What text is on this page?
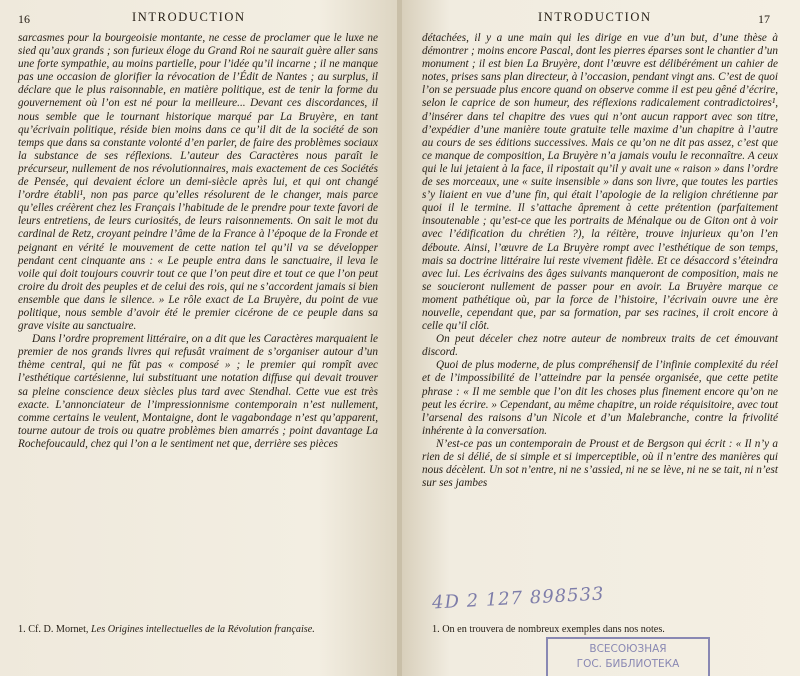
16	INTRODUCTION

sarcasmes pour la bourgeoisie montante, ne cesse de proclamer que le luxe ne sied qu’aux grands ; son furieux éloge du Grand Roi ne saurait guère aller sans une forte sympathie, au moins partielle, pour l’idée qu’il incarne ; il ne manque pas une occasion de glorifier la révocation de l’Édit de Nantes ; au surplus, il déclare que le plus raisonnable, en matière politique, est de tenir la forme du gouvernement où l’on est né pour la meilleure... Devant ces discordances, il nous semble que le tournant historique marqué par La Bruyère, en tant qu’écrivain politique, réside bien moins dans ce qu’il dit de la société de son temps que dans sa constante volonté d’en parler, de faire des problèmes sociaux la substance de ses réflexions. L’auteur des Caractères nous paraît le précurseur, nullement de nos révolutionnaires, mais exactement de ces Sociétés de Pensée, qui devaient éclore un demi-siècle après lui, et qui ont changé l’ordre établi¹, non pas parce qu’elles résolurent de le changer, mais parce qu’elles créèrent chez les Français l’habitude de le prendre pour texte favori de leurs entretiens, de leurs curiosités, de leurs raisonnements. On sait le mot du cardinal de Retz, croyant peindre l’âme de la France à l’époque de la Fronde et peignant en vérité le mouvement de cette nation tel qu’il va se développer pendant cent cinquante ans : « Le peuple entra dans le sanctuaire, il leva le voile qui doit toujours couvrir tout ce que l’on peut dire et tout ce que l’on peut croire du droit des peuples et de celui des rois, qui ne s’accordent jamais si bien ensemble que dans le silence. » Le rôle exact de La Bruyère, du point de vue politique, nous semble d’avoir été le premier cicérone de ce peuple dans sa grave visite au sanctuaire.

Dans l’ordre proprement littéraire, on a dit que les Caractères marquaient le premier de nos grands livres qui refusât vraiment de s’organiser autour d’un thème central, qui ne fût pas « composé » ; le premier qui rompît avec l’esthétique cartésienne, lui substituant une notation diffuse qui devait trouver sa pleine conscience deux siècles plus tard avec Stendhal. Cette vue est très exacte. L’annonciateur de l’impressionnisme contemporain n’est nullement, comme certains le veulent, Montaigne, dont le vagabondage n’est qu’apparent, tourne autour de trois ou quatre problèmes bien amarrés ; point davantage La Rochefoucauld, chez qui l’on a le sentiment net que, derrière ses pièces

1. Cf. D. Mornet, Les Origines intellectuelles de la Révolution française.
INTRODUCTION	17

détachées, il y a une main qui les dirige en vue d’un but, d’une thèse à démontrer ; moins encore Pascal, dont les pierres éparses sont le chantier d’un monument ; il est bien La Bruyère, dont l’œuvre est délibérément un cahier de notes, prises sans plan directeur, à l’occasion, pendant vingt ans. C’est de quoi l’on se persuade plus encore quand on observe comme il est peu gêné d’écrire, selon le caprice de son humeur, des réflexions radicalement contradictoires¹, d’insérer dans tel chapitre des vues qui n’ont aucun rapport avec son titre, d’expédier d’une manière toute gratuite telle maxime d’un chapitre à l’autre au cours de ses éditions successives. Mais ce qu’on ne dit pas assez, c’est que ce manque de composition, La Bruyère n’a jamais voulu le reconnaître. A ceux qui le lui jetaient à la face, il ripostait qu’il y avait une « raison » dans l’ordre de ses morceaux, une « suite insensible » dans son livre, que toutes les parties s’y liaient en vue d’une fin, qui était l’apologie de la religion chrétienne par quoi il le termine. Il s’attache âprement à cette prétention (parfaitement insoutenable ; qu’est-ce que les portraits de Ménalque ou de Giton ont à voir avec l’édification du chrétien ?), la réitère, trouve injurieux qu’on l’en déboute. Ainsi, l’œuvre de La Bruyère rompt avec l’esthétique de son temps, mais sa doctrine littéraire lui reste vivement fidèle. Et ce désaccord s’éteindra avec lui. Les écrivains des âges suivants manqueront de composition, mais ne se soucieront nullement de passer pour en avoir. La Bruyère marque ce moment pathétique où, par la force de l’histoire, l’écrivain ouvre une ère nouvelle, cependant que, par sa formation, par ses racines, il croit encore à celle qu’il clôt.

On peut déceler chez notre auteur de nombreux traits de cet émouvant discord.

Quoi de plus moderne, de plus compréhensif de l’infinie complexité du réel et de l’impossibilité de l’atteindre par la pensée organisée, que cette petite phrase : « Il me semble que l’on dit les choses plus finement encore qu’on ne peut les écrire. » Cependant, au même chapitre, un roide réquisitoire, avec tout l’arsenal des raisons d’un Nicole et d’un Malebranche, contre la frivolité inhérente à la conversation.

N’est-ce pas un contemporain de Proust et de Bergson qui écrit : « Il n’y a rien de si délié, de si simple et si imperceptible, où il n’entre des manières qui nous décèlent. Un sot n’entre, ni ne s’assied, ni ne se lève, ni ne se tait, ni n’est sur ses jambes

1. On en trouvera de nombreux exemples dans nos notes.
4D 2 127 898533
ВСЕСОЮЗНАЯ
ГОС. БИБЛИОТЕКА
